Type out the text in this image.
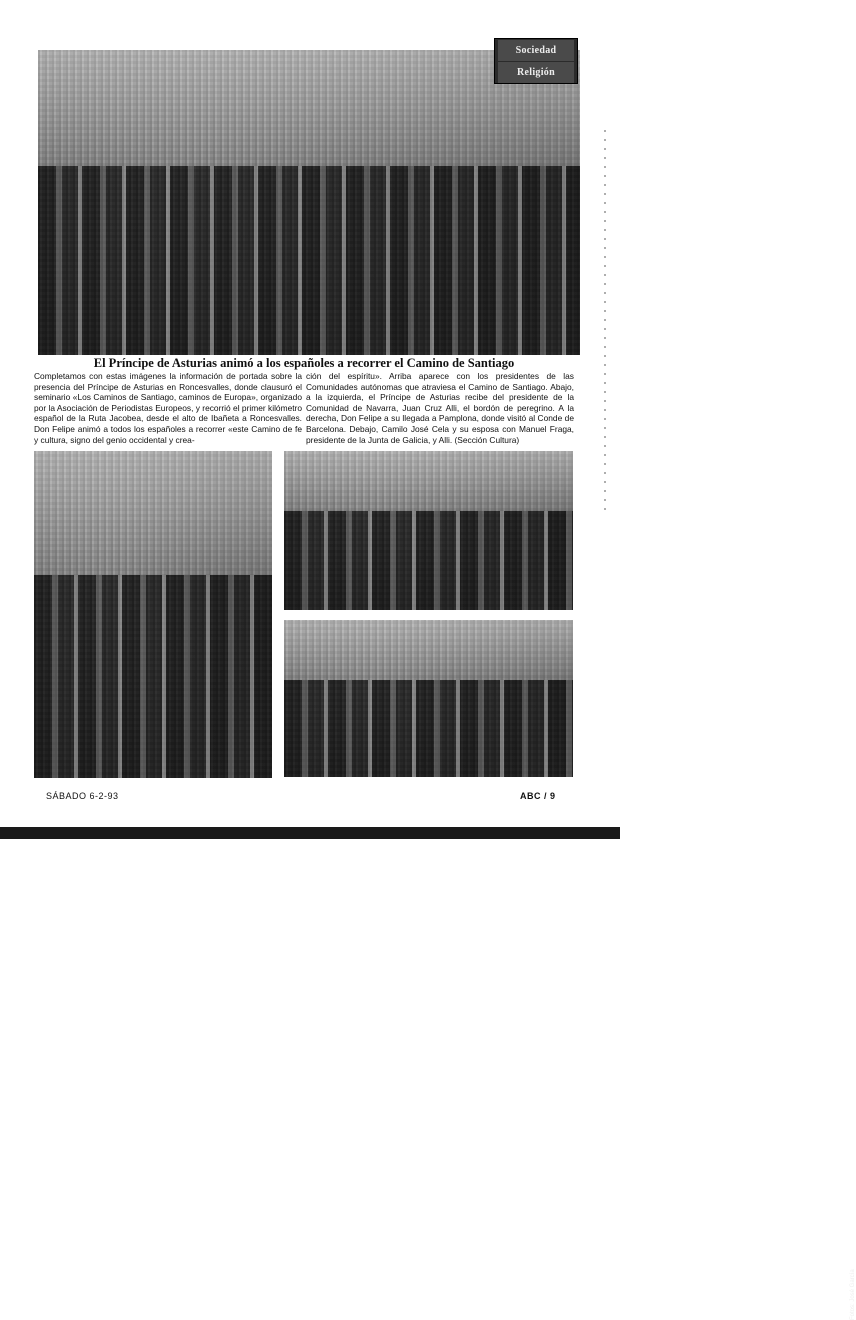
Sociedad
Religión
El Príncipe de Asturias animó a los españoles a recorrer el Camino de Santiago

Completamos con estas imágenes la información de portada sobre la presencia del Príncipe de Asturias en Roncesvalles, donde clausuró el seminario «Los Caminos de Santiago, caminos de Europa», organizado por la Asociación de Periodistas Europeos, y recorrió el primer kilómetro español de la Ruta Jacobea, desde el alto de Ibañeta a Roncesvalles. Don Felipe animó a todos los españoles a recorrer «este Camino de fe y cultura, signo del genio occidental y crea-

ción del espíritu». Arriba aparece con los presidentes de las Comunidades autónomas que atraviesa el Camino de Santiago. Abajo, a la izquierda, el Príncipe de Asturias recibe del presidente de la Comunidad de Navarra, Juan Cruz Alli, el bordón de peregrino. A la derecha, Don Felipe a su llegada a Pamplona, donde visitó al Conde de Barcelona. Debajo, Camilo José Cela y su esposa con Manuel Fraga, presidente de la Junta de Galicia, y Alli. (Sección Cultura)

Fotos: José García
SÁBADO 6-2-93	ABC / 9
